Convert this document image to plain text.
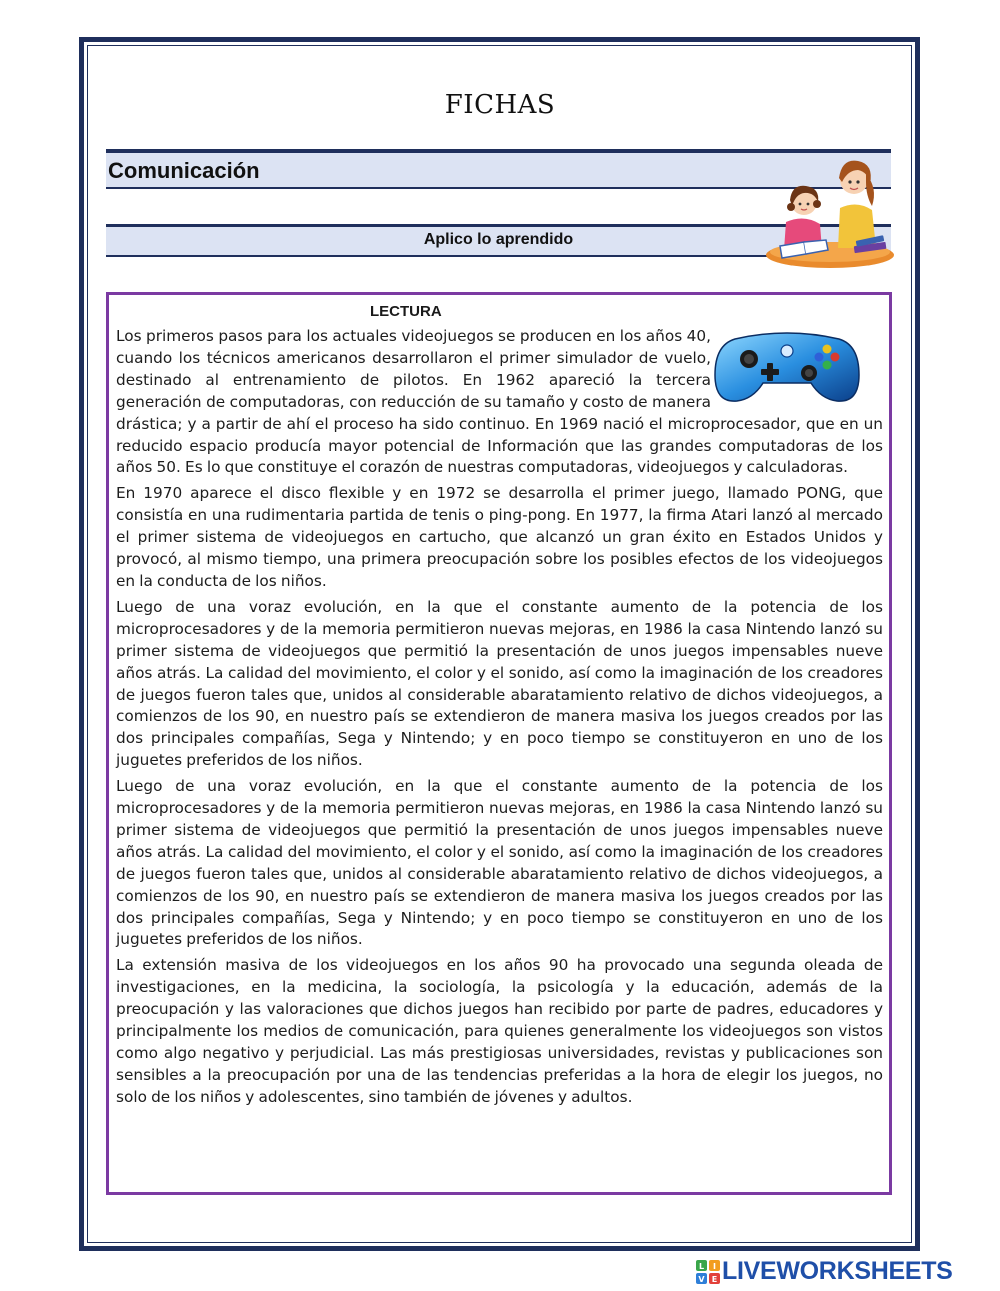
FICHAS
Comunicación
Aplico lo aprendido
LECTURA

Los primeros pasos para los actuales videojuegos se producen en los años 40, cuando los técnicos americanos desarrollaron el primer simulador de vuelo, destinado al entrenamiento de pilotos. En 1962 apareció la tercera generación de computadoras, con reducción de su tamaño y costo de manera drástica; y a partir de ahí el proceso ha sido continuo. En 1969 nació el microprocesador, que en un reducido espacio producía mayor potencial de Información que las grandes computadoras de los años 50. Es lo que constituye el corazón de nuestras computadoras, videojuegos y calculadoras.

En 1970 aparece el disco flexible y en 1972 se desarrolla el primer juego, llamado PONG, que consistía en una rudimentaria partida de tenis o ping-pong. En 1977, la firma Atari lanzó al mercado el primer sistema de videojuegos en cartucho, que alcanzó un gran éxito en Estados Unidos y provocó, al mismo tiempo, una primera preocupación sobre los posibles efectos de los videojuegos en la conducta de los niños.

Luego de una voraz evolución, en la que el constante aumento de la potencia de los microprocesadores y de la memoria permitieron nuevas mejoras, en 1986 la casa Nintendo lanzó su primer sistema de videojuegos que permitió la presentación de unos juegos impensables nueve años atrás. La calidad del movimiento, el color y el sonido, así como la imaginación de los creadores de juegos fueron tales que, unidos al considerable abaratamiento relativo de dichos videojuegos, a comienzos de los 90, en nuestro país se extendieron de manera masiva los juegos creados por las dos principales compañías, Sega y Nintendo; y en poco tiempo se constituyeron en uno de los juguetes preferidos de los niños.

Luego de una voraz evolución, en la que el constante aumento de la potencia de los microprocesadores y de la memoria permitieron nuevas mejoras, en 1986 la casa Nintendo lanzó su primer sistema de videojuegos que permitió la presentación de unos juegos impensables nueve años atrás. La calidad del movimiento, el color y el sonido, así como la imaginación de los creadores de juegos fueron tales que, unidos al considerable abaratamiento relativo de dichos videojuegos, a comienzos de los 90, en nuestro país se extendieron de manera masiva los juegos creados por las dos principales compañías, Sega y Nintendo; y en poco tiempo se constituyeron en uno de los juguetes preferidos de los niños.

La extensión masiva de los videojuegos en los años 90 ha provocado una segunda oleada de investigaciones, en la medicina, la sociología, la psicología y la educación, además de la preocupación y las valoraciones que dichos juegos han recibido por parte de padres, educadores y principalmente los medios de comunicación, para quienes generalmente los videojuegos son vistos como algo negativo y perjudicial. Las más prestigiosas universidades, revistas y publicaciones son sensibles a la preocupación por una de las tendencias preferidas a la hora de elegir los juegos, no solo de los niños y adolescentes, sino también de jóvenes y adultos.

L I
V E LIVEWORKSHEETS
